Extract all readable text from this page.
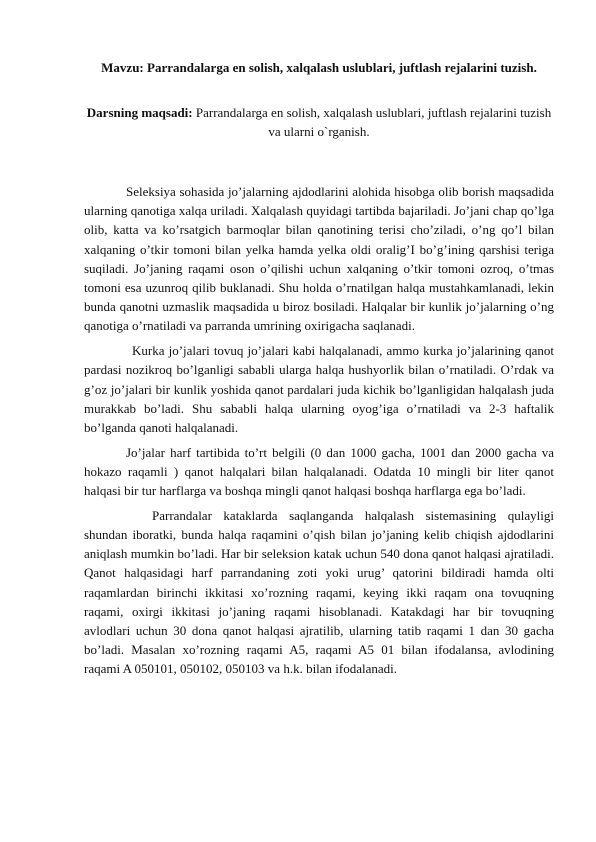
Mavzu: Parrandalarga en solish, xalqalash uslublari, juftlash rejalarini tuzish.
Darsning maqsadi: Parrandalarga en solish, xalqalash uslublari, juftlash rejalarini tuzish va ularni o`rganish.

Seleksiya sohasida jo’jalarning ajdodlarini alohida hisobga olib borish maqsadida ularning qanotiga xalqa uriladi. Xalqalash quyidagi tartibda bajariladi. Jo’jani chap qo’lga olib, katta va ko’rsatgich barmoqlar bilan qanotining terisi cho’ziladi, o’ng qo’l bilan xalqaning o’tkir tomoni bilan yelka hamda yelka oldi oralig’I bo’g’ining qarshisi teriga suqiladi. Jo’janing raqami oson o’qilishi uchun xalqaning o’tkir tomoni ozroq, o’tmas tomoni esa uzunroq qilib buklanadi. Shu holda o’rnatilgan halqa mustahkamlanadi, lekin bunda qanotni uzmaslik maqsadida u biroz bosiladi. Halqalar bir kunlik jo’jalarning o’ng qanotiga o’rnatiladi va parranda umrining oxirigacha saqlanadi.

Kurka jo’jalari tovuq jo’jalari kabi halqalanadi, ammo kurka jo’jalarining qanot pardasi nozikroq bo’lganligi sababli ularga halqa hushyorlik bilan o’rnatiladi. O’rdak va g’oz jo’jalari bir kunlik yoshida qanot pardalari juda kichik bo’lganligidan halqalash juda murakkab bo’ladi. Shu sababli halqa ularning oyog’iga o’rnatiladi va 2-3 haftalik bo’lganda qanoti halqalanadi.

Jo’jalar harf tartibida to’rt belgili (0 dan 1000 gacha, 1001 dan 2000 gacha va hokazo raqamli ) qanot halqalari bilan halqalanadi. Odatda 10 mingli bir liter qanot halqasi bir tur harflarga va boshqa mingli qanot halqasi boshqa harflarga ega bo’ladi.

Parrandalar kataklarda saqlanganda halqalash sistemasining qulayligi shundan iboratki, bunda halqa raqamini o’qish bilan jo’janing kelib chiqish ajdodlarini aniqlash mumkin bo’ladi. Har bir seleksion katak uchun 540 dona qanot halqasi ajratiladi. Qanot halqasidagi harf parrandaning zoti yoki urug’ qatorini bildiradi hamda olti raqamlardan birinchi ikkitasi xo’rozning raqami, keying ikki raqam ona tovuqning raqami, oxirgi ikkitasi jo’janing raqami hisoblanadi. Katakdagi har bir tovuqning avlodlari uchun 30 dona qanot halqasi ajratilib, ularning tatib raqami 1 dan 30 gacha bo’ladi. Masalan xo’rozning raqami A5, raqami A5 01 bilan ifodalansa, avlodining raqami A 050101, 050102, 050103 va h.k. bilan ifodalanadi.
